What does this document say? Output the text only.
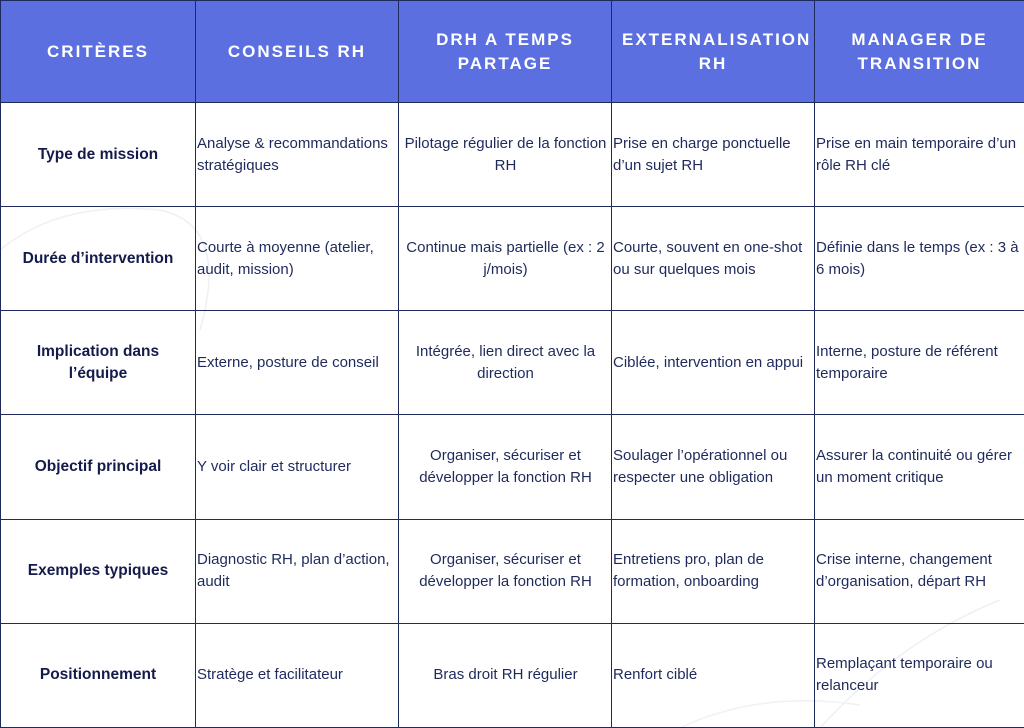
CRITÈRES	CONSEILS RH	DRH A TEMPS PARTAGE	EXTERNALISATION RH	MANAGER DE TRANSITION
Type de mission	Analyse & recommandations stratégiques	Pilotage régulier de la fonction RH	Prise en charge ponctuelle d’un sujet RH	Prise en main temporaire d’un rôle RH clé
Durée d’intervention	Courte à moyenne (atelier, audit, mission)	Continue mais partielle (ex : 2 j/mois)	Courte, souvent en one-shot ou sur quelques mois	Définie dans le temps (ex : 3 à 6 mois)
Implication dans l’équipe	Externe, posture de conseil	Intégrée, lien direct avec la direction	Ciblée, intervention en appui	Interne, posture de référent temporaire
Objectif principal	Y voir clair et structurer	Organiser, sécuriser et développer la fonction RH	Soulager l’opérationnel ou respecter une obligation	Assurer la continuité ou gérer un moment critique
Exemples typiques	Diagnostic RH, plan d’action, audit	Organiser, sécuriser et développer la fonction RH	Entretiens pro, plan de formation, onboarding	Crise interne, changement d’organisation, départ RH
Positionnement	Stratège et facilitateur	Bras droit RH régulier	Renfort ciblé	Remplaçant temporaire ou relanceur
